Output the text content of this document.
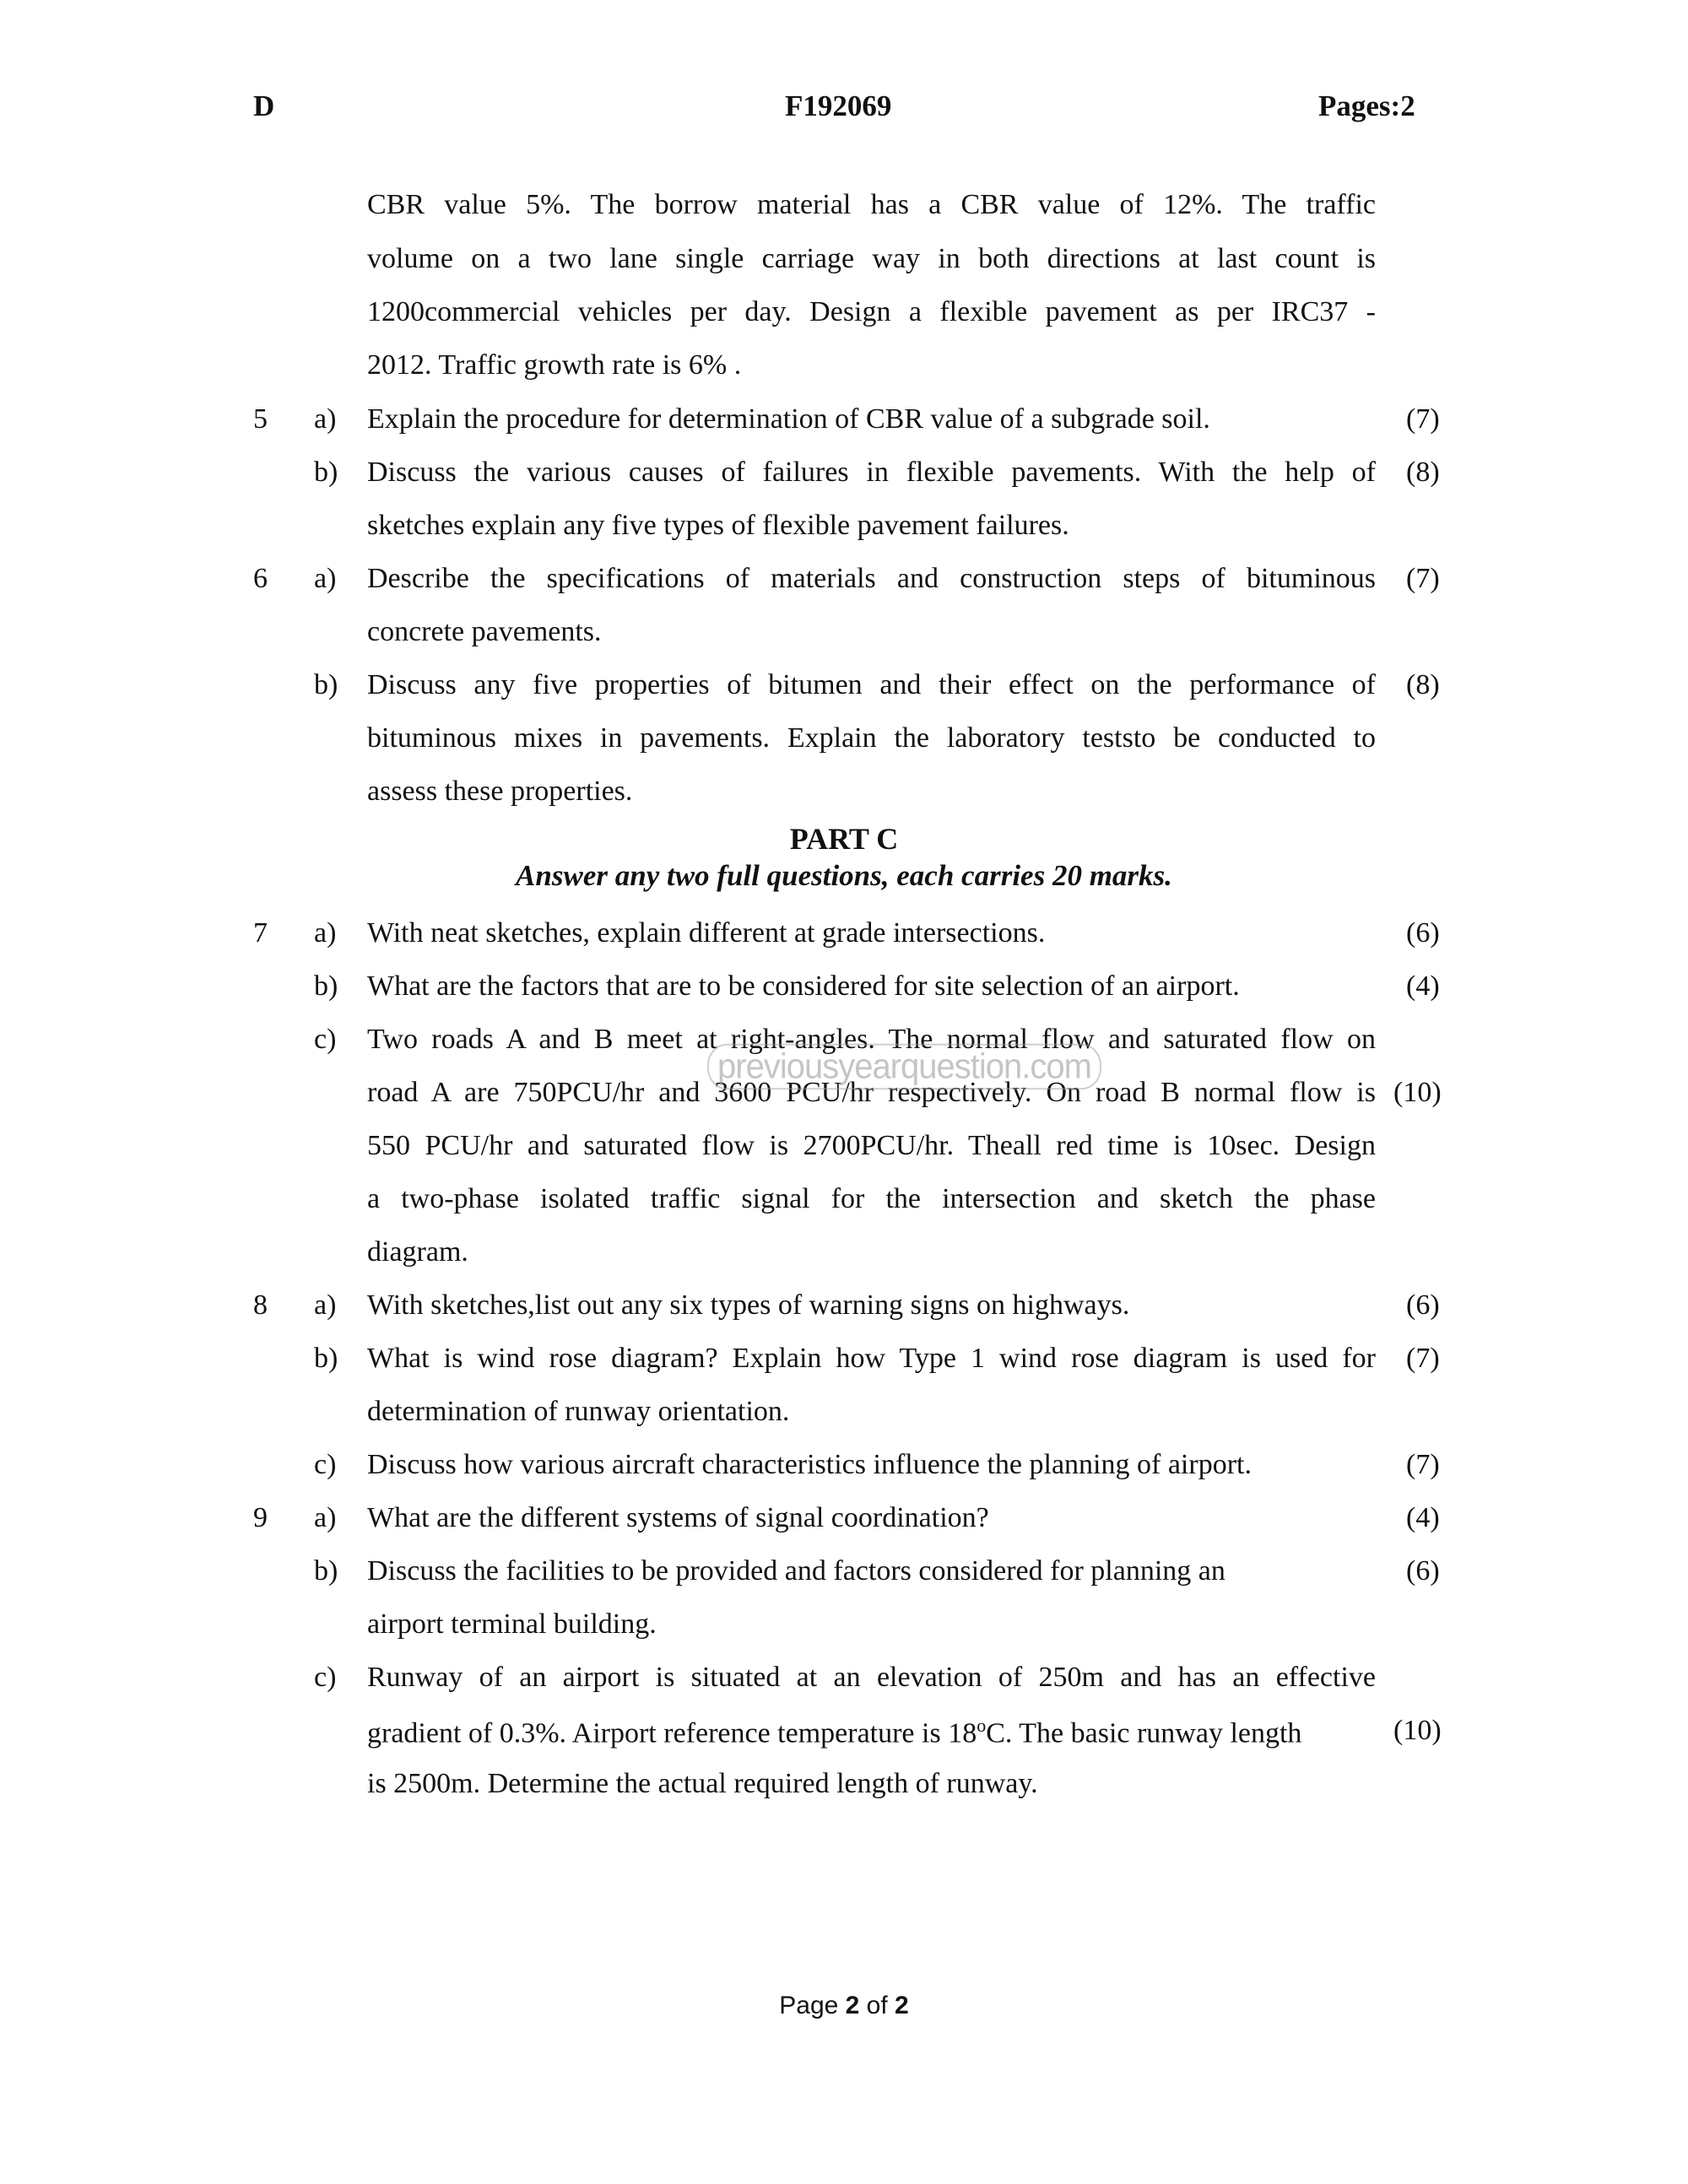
D	F192069	Pages:2
CBR value 5%. The borrow material has a CBR value of 12%. The traffic
volume on a two lane single carriage way in both directions at last count is
1200commercial vehicles per day. Design a flexible pavement as per IRC37 -
2012. Traffic growth rate is 6% .
5 a) Explain the procedure for determination of CBR value of a subgrade soil.	(7)
b) Discuss the various causes of failures in flexible pavements. With the help of (8)
sketches explain any five types of flexible pavement failures.
6 a) Describe the specifications of materials and construction steps of bituminous (7)
concrete pavements.
b) Discuss any five properties of bitumen and their effect on the performance of (8)
bituminous mixes in pavements. Explain the laboratory teststo be conducted to
assess these properties.
PART C
Answer any two full questions, each carries 20 marks.
7 a) With neat sketches, explain different at grade intersections.	(6)
b) What are the factors that are to be considered for site selection of an airport.	(4)
c) Two roads A and B meet at right-angles. The normal flow and saturated flow on
road A are 750PCU/hr and 3600 PCU/hr respectively. On road B normal flow is (10)
550 PCU/hr and saturated flow is 2700PCU/hr. Theall red time is 10sec. Design
a two-phase isolated traffic signal for the intersection and sketch the phase
diagram.
previousyearquestion.com
8 a) With sketches,list out any six types of warning signs on highways.	(6)
b) What is wind rose diagram? Explain how Type 1 wind rose diagram is used for (7)
determination of runway orientation.
c) Discuss how various aircraft characteristics influence the planning of airport.	(7)
9 a) What are the different systems of signal coordination?	(4)
b) Discuss the facilities to be provided and factors considered for planning an	(6)
airport terminal building.
c) Runway of an airport is situated at an elevation of 250m and has an effective
gradient of 0.3%. Airport reference temperature is 18$^o$C. The basic runway length	(10)
is 2500m. Determine the actual required length of runway.
Page 2 of 2
